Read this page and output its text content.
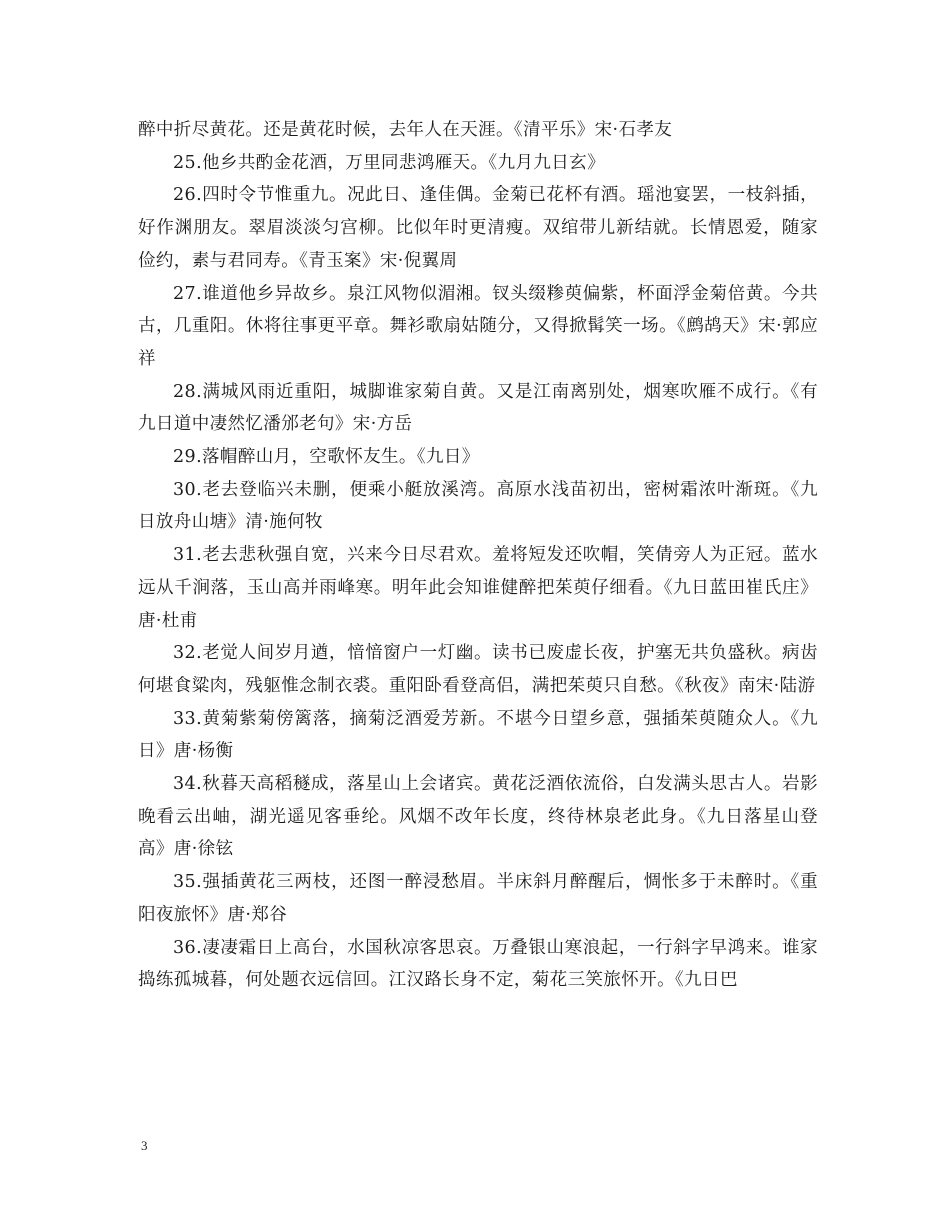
醉中折尽黄花。还是黄花时候，去年人在天涯。《清平乐》宋·石孝友

25.他乡共酌金花酒，万里同悲鸿雁天。《九月九日玄》

26.四时令节惟重九。况此日、逢佳偶。金菊已花杯有酒。瑶池宴罢，一枝斜插，好作渊朋友。翠眉淡淡匀宫柳。比似年时更清瘦。双绾带儿新结就。长情恩爱，随家俭约，素与君同寿。《青玉案》宋·倪翼周

27.谁道他乡异故乡。泉江风物似湄湘。钗头缀糁萸偏紫，杯面浮金菊倍黄。今共古，几重阳。休将往事更平章。舞衫歌扇姑随分，又得掀髯笑一场。《鹧鸪天》宋·郭应祥

28.满城风雨近重阳，城脚谁家菊自黄。又是江南离别处，烟寒吹雁不成行。《有九日道中凄然忆潘邠老句》宋·方岳

29.落帽醉山月，空歌怀友生。《九日》

30.老去登临兴未删，便乘小艇放溪湾。高原水浅苗初出，密树霜浓叶渐斑。《九日放舟山塘》清·施何牧

31.老去悲秋强自宽，兴来今日尽君欢。羞将短发还吹帽，笑倩旁人为正冠。蓝水远从千涧落，玉山高并雨峰寒。明年此会知谁健醉把茱萸仔细看。《九日蓝田崔氏庄》唐·杜甫

32.老觉人间岁月遒，愔愔窗户一灯幽。读书已废虚长夜，护塞无共负盛秋。病齿何堪食粱肉，残躯惟念制衣裘。重阳卧看登高侣，满把茱萸只自愁。《秋夜》南宋·陆游

33.黄菊紫菊傍篱落，摘菊泛酒爱芳新。不堪今日望乡意，强插茱萸随众人。《九日》唐·杨衡

34.秋暮天高稻穟成，落星山上会诸宾。黄花泛酒依流俗，白发满头思古人。岩影晚看云出岫，湖光遥见客垂纶。风烟不改年长度，终待林泉老此身。《九日落星山登高》唐·徐铉

35.强插黄花三两枝，还图一醉浸愁眉。半床斜月醉醒后，惆怅多于未醉时。《重阳夜旅怀》唐·郑谷

36.凄凄霜日上高台，水国秋凉客思哀。万叠银山寒浪起，一行斜字早鸿来。谁家捣练孤城暮，何处题衣远信回。江汉路长身不定，菊花三笑旅怀开。《九日巴

3
